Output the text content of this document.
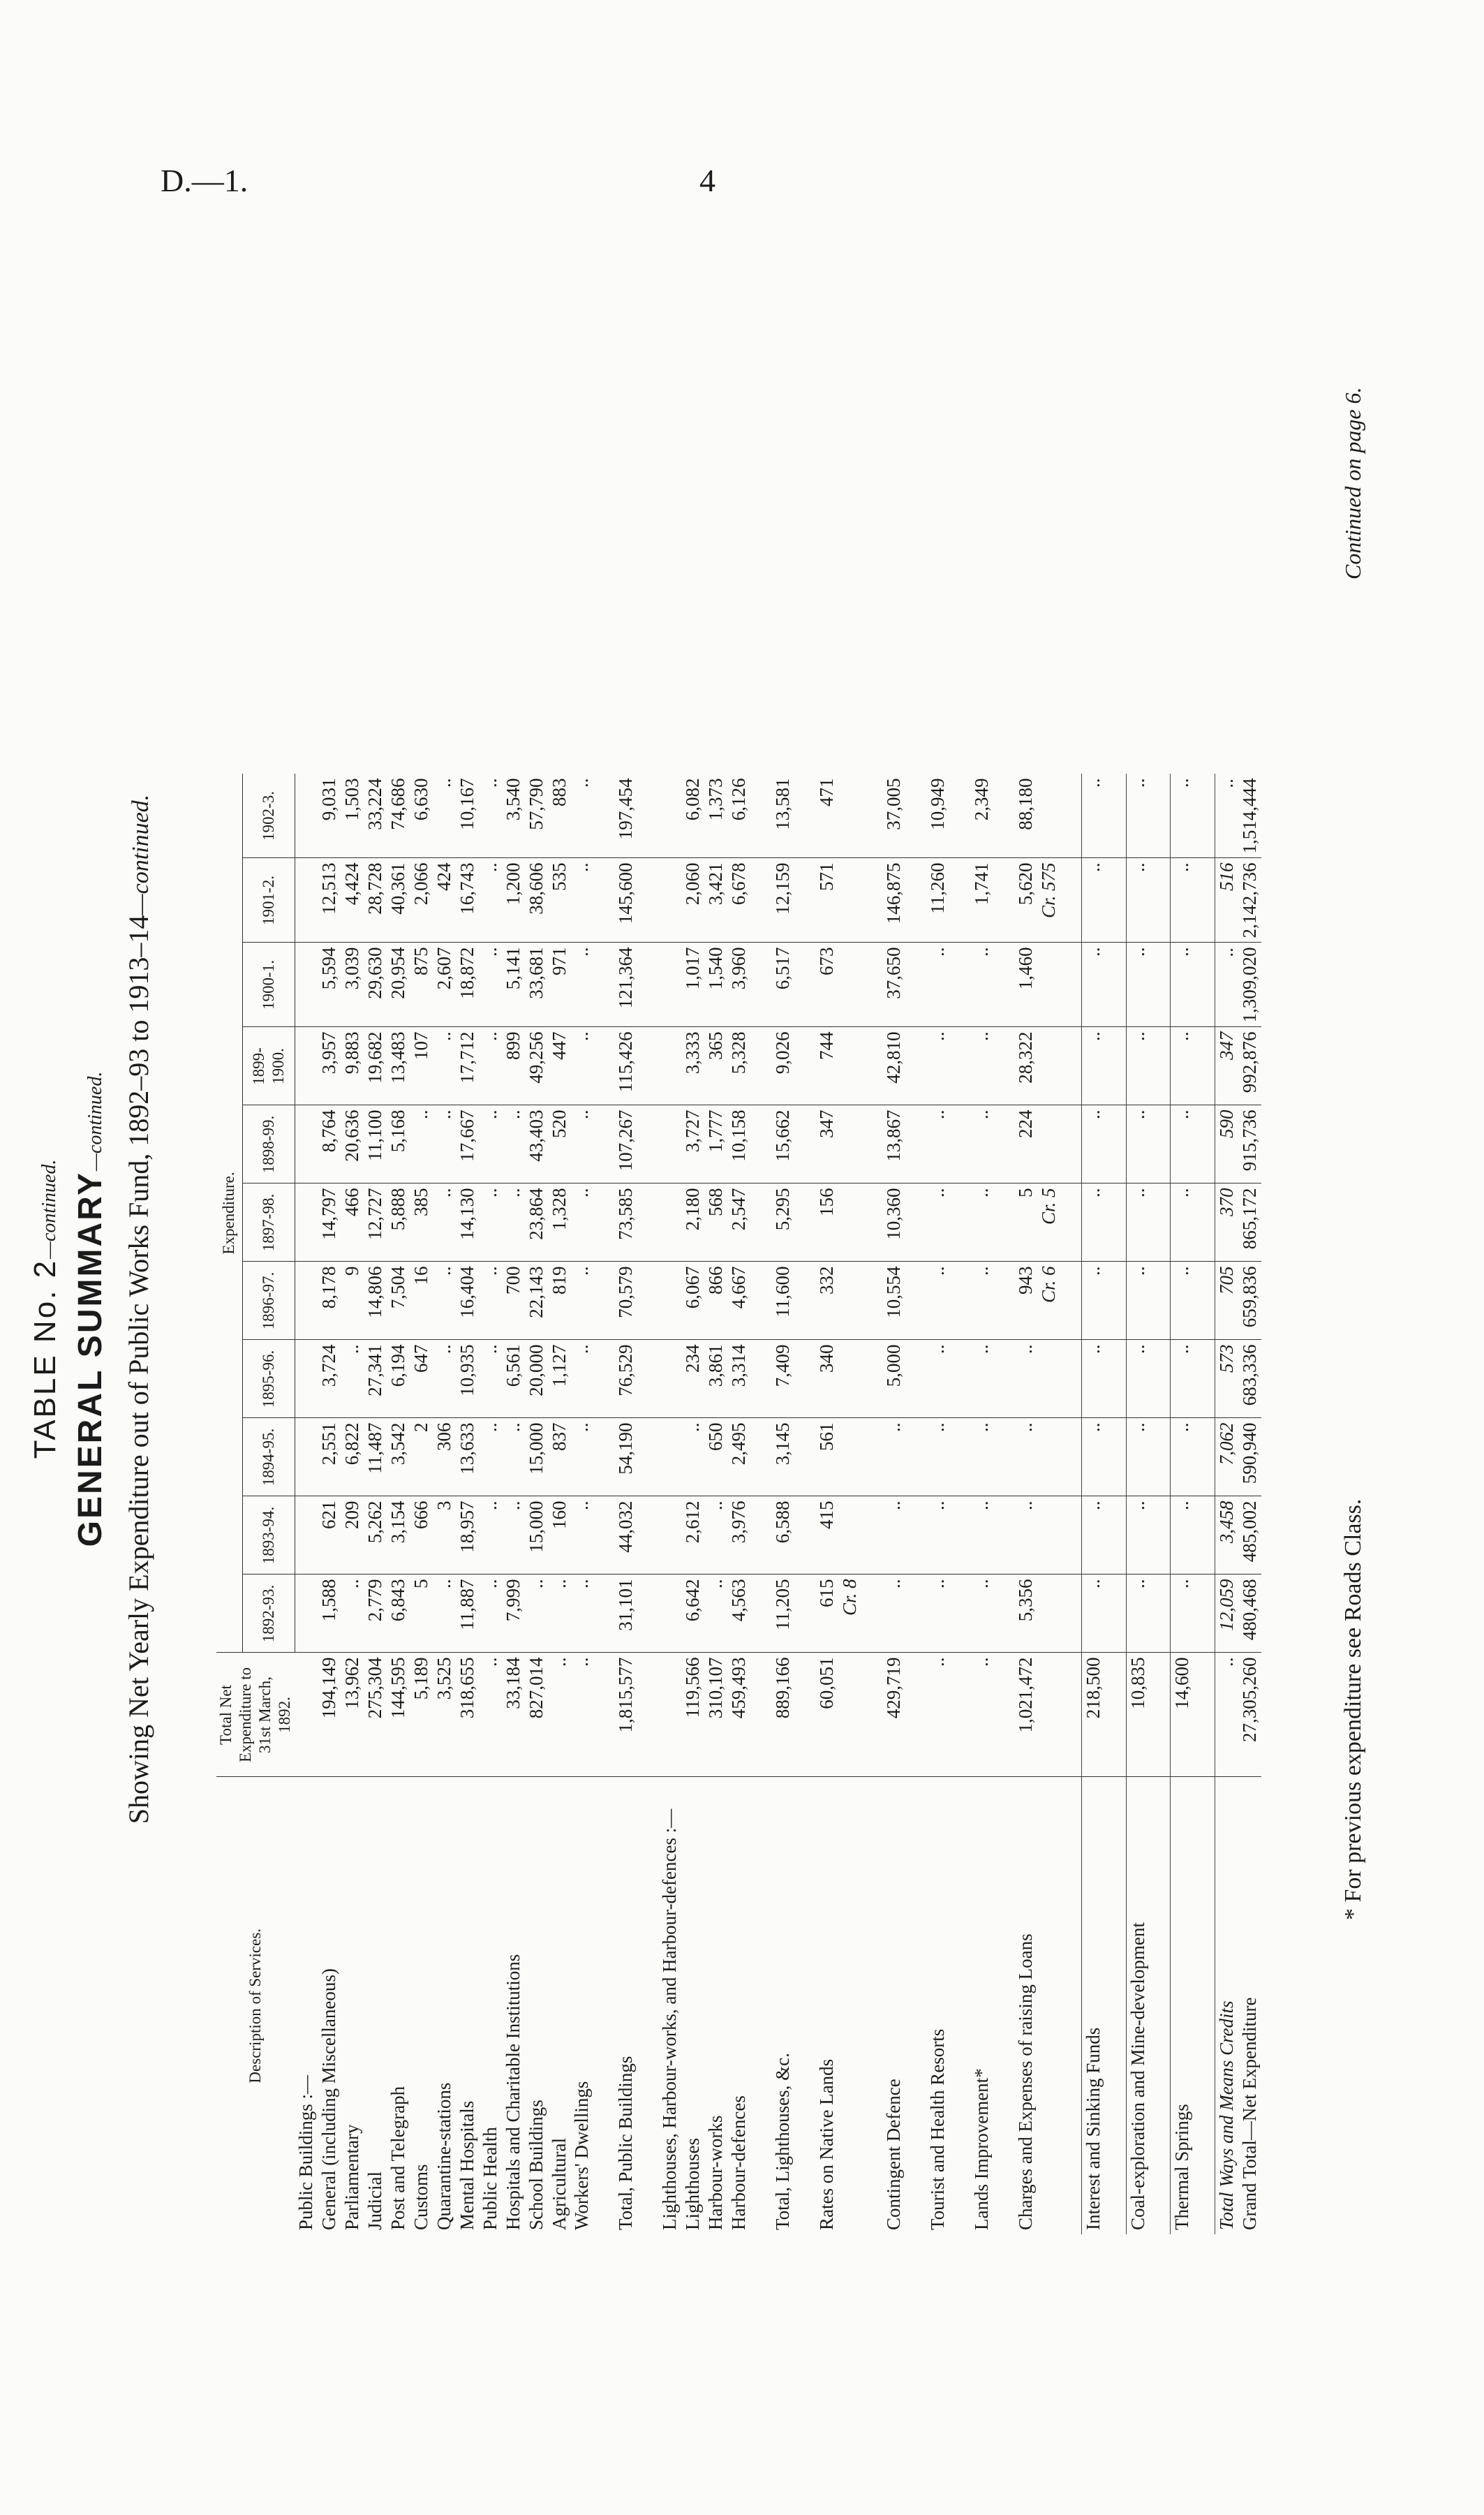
D.—1.	4
TABLE No. 2—continued. GENERAL SUMMARY—continued. Showing Net Yearly Expenditure out of Public Works Fund, 1892–93 to 1913–14—continued.
Description of Services.	Total Net Expenditure to 31st March, 1892.	Expenditure.										
		1892-93.	1893-94.	1894-95.	1895-96.	1896-97.	1897-98.	1898-99.	1899-1900.	1900-1.	1901-2.	1902-3.
Public Buildings :—												
General (including Miscellaneous)	194,149	1,588	621	2,551	3,724	8,178	14,797	8,764	3,957	5,594	12,513	9,031
Parliamentary	13,962	..	209	6,822	..	9	466	20,636	9,883	3,039	4,424	1,503
Judicial	275,304	2,779	5,262	11,487	27,341	14,806	12,727	11,100	19,682	29,630	28,728	33,224
Post and Telegraph	144,595	6,843	3,154	3,542	6,194	7,504	5,888	5,168	13,483	20,954	40,361	74,686
Customs	5,189	5	666	2	647	16	385	..	107	875	2,066	6,630
Quarantine-stations	3,525	..	3	306	..	..	..	..	..	2,607	424	..
Mental Hospitals	318,655	11,887	18,957	13,633	10,935	16,404	14,130	17,667	17,712	18,872	16,743	10,167
Public Health	..	..	..	..	..	..	..	..	..	..	..	..
Hospitals and Charitable Institutions	33,184	7,999	..	..	6,561	700	..	..	899	5,141	1,200	3,540
School Buildings	827,014	..	15,000	15,000	20,000	22,143	23,864	43,403	49,256	33,681	38,606	57,790
Agricultural	..	..	160	837	1,127	819	1,328	520	447	971	535	883
Workers' Dwellings	..	..	..	..	..	..	..	..	..	..	..	..

Total, Public Buildings	1,815,577	31,101	44,032	54,190	76,529	70,579	73,585	107,267	115,426	121,364	145,600	197,454

Lighthouses, Harbour-works, and Harbour-defences :—												
Lighthouses	119,566	6,642	2,612	..	234	6,067	2,180	3,727	3,333	1,017	2,060	6,082
Harbour-works	310,107	..	..	650	3,861	866	568	1,777	365	1,540	3,421	1,373
Harbour-defences	459,493	4,563	3,976	2,495	3,314	4,667	2,547	10,158	5,328	3,960	6,678	6,126

Total, Lighthouses, &c.	889,166	11,205	6,588	3,145	7,409	11,600	5,295	15,662	9,026	6,517	12,159	13,581

Rates on Native Lands	60,051	615	415	561	340	332	156	347	744	673	571	471
		Cr. 8										

Contingent Defence	429,719	..	..	..	5,000	10,554	10,360	13,867	42,810	37,650	146,875	37,005

Tourist and Health Resorts	..	..	..	..	..	..	..	..	..	..	11,260	10,949

Lands Improvement*	..	..	..	..	..	..	..	..	..	..	1,741	2,349

Charges and Expenses of raising Loans	1,021,472	5,356	..	..	..	943	5	224	28,322	1,460	5,620	88,180
						Cr. 6	Cr. 5				Cr. 575	

Interest and Sinking Funds	218,500	..	..	..	..	..	..	..	..	..	..	..

Coal-exploration and Mine-development	10,835	..	..	..	..	..	..	..	..	..	..	..

Thermal Springs	14,600	..	..	..	..	..	..	..	..	..	..	..

Total Ways and Means Credits	..	12,059	3,458	7,062	573	705	370	590	347	..	516	..
Grand Total—Net Expenditure	27,305,260	480,468	485,002	590,940	683,336	659,836	865,172	915,736	992,876	1,309,020	2,142,736	1,514,444
* For previous expenditure see Roads Class.
Continued on page 6.
